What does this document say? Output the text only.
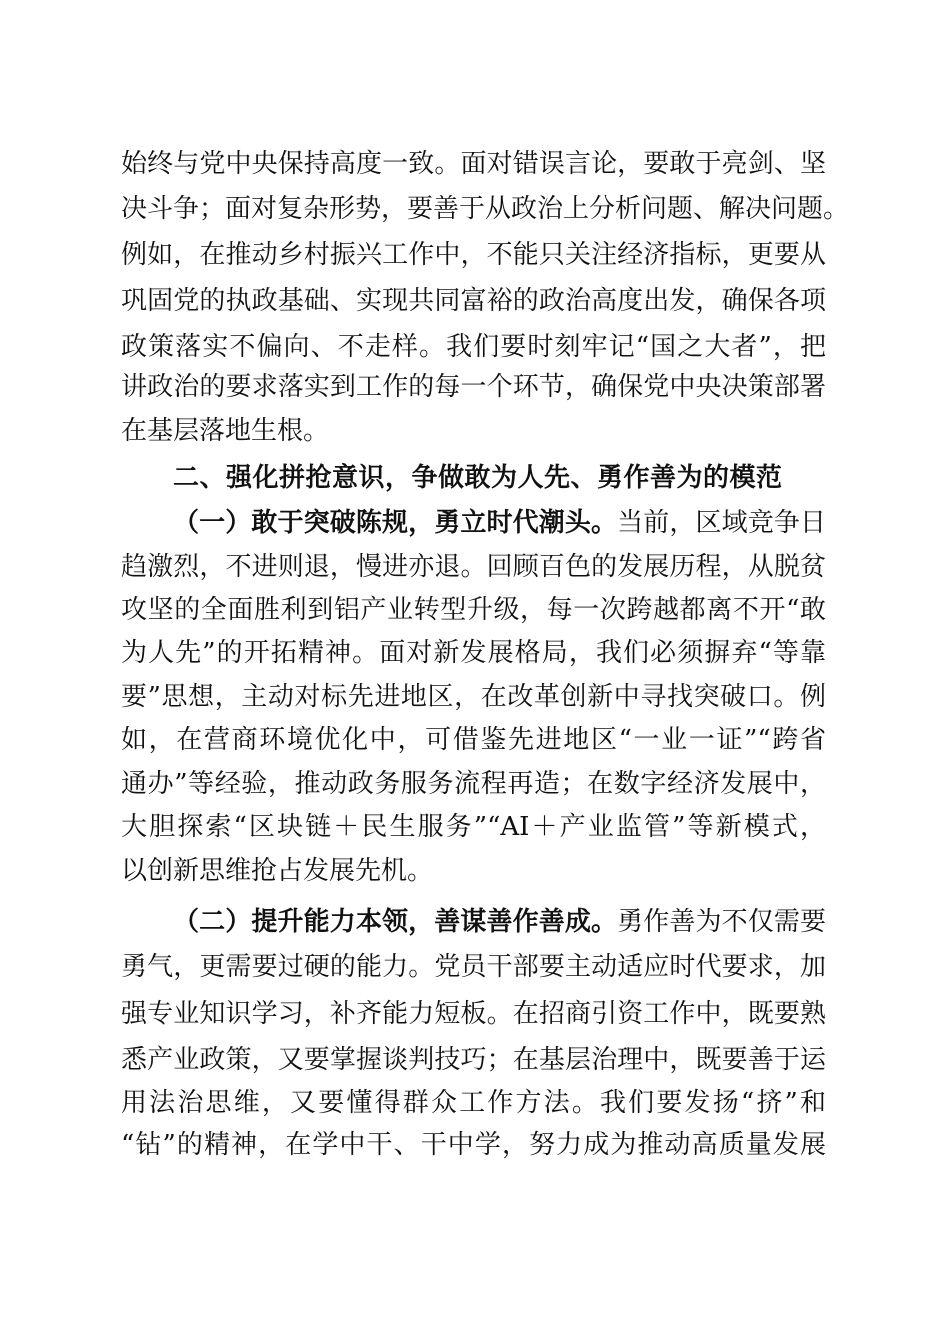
始终与党中央保持高度一致。面对错误言论，要敢于亮剑、坚
决斗争；面对复杂形势，要善于从政治上分析问题、解决问题。
例如，在推动乡村振兴工作中，不能只关注经济指标，更要从
巩固党的执政基础、实现共同富裕的政治高度出发，确保各项
政策落实不偏向、不走样。我们要时刻牢记“国之大者”，把
讲政治的要求落实到工作的每一个环节，确保党中央决策部署
在基层落地生根。
二、强化拼抢意识，争做敢为人先、勇作善为的模范
（一）敢于突破陈规，勇立时代潮头。当前，区域竞争日
趋激烈，不进则退，慢进亦退。回顾百色的发展历程，从脱贫
攻坚的全面胜利到铝产业转型升级，每一次跨越都离不开“敢
为人先”的开拓精神。面对新发展格局，我们必须摒弃“等靠
要”思想，主动对标先进地区，在改革创新中寻找突破口。例
如，在营商环境优化中，可借鉴先进地区“一业一证”“跨省
通办”等经验，推动政务服务流程再造；在数字经济发展中，
大胆探索“区块链＋民生服务”“AI＋产业监管”等新模式，
以创新思维抢占发展先机。
（二）提升能力本领，善谋善作善成。勇作善为不仅需要
勇气，更需要过硬的能力。党员干部要主动适应时代要求，加
强专业知识学习，补齐能力短板。在招商引资工作中，既要熟
悉产业政策，又要掌握谈判技巧；在基层治理中，既要善于运
用法治思维，又要懂得群众工作方法。我们要发扬“挤”和
“钻”的精神，在学中干、干中学，努力成为推动高质量发展
